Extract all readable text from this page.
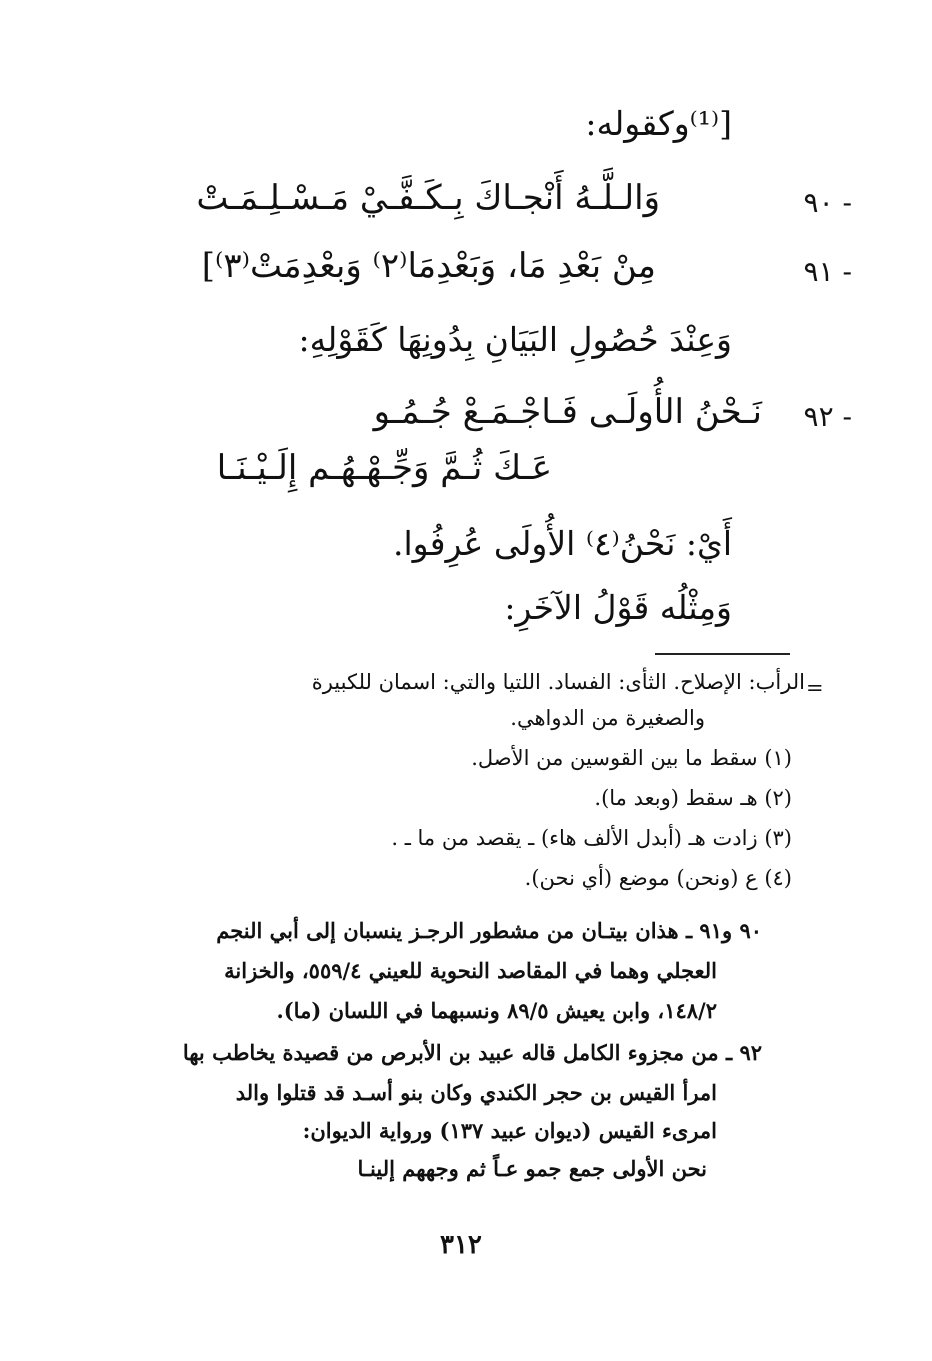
[⁽¹⁾وكقوله:
٩٠ -
وَالـلَّـهُ أَنْجـاكَ بِـكَـفَّـيْ مَـسْـلِـمَـتْ
٩١ -
مِنْ بَعْدِ مَا، وَبَعْدِمَا⁽٢⁾ وَبعْدِمَتْ⁽٣⁾]
وَعِنْدَ حُصُولِ البَيَانِ بِدُونِهَا كَقَوْلِهِ:
٩٢ -
نَـحْنُ الأُولَـى فَـاجْـمَـعْ جُـمُـو
عَـكَ ثُـمَّ وَجِّـهْـهُـم إِلَـيْـنَـا
أَيْ: نَحْنُ⁽٤⁾ الأُولَى عُرِفُوا.
وَمِثْلُه قَوْلُ الآخَرِ:
=
الرأب: الإصلاح. الثأى: الفساد. اللتيا والتي: اسمان للكبيرة
والصغيرة من الدواهي.
(١) سقط ما بين القوسين من الأصل.
(٢) هـ سقط (وبعد ما).
(٣) زادت هـ (أبدل الألف هاء) ـ يقصد من ما ـ .
(٤) ع (ونحن) موضع (أي نحن).
٩٠ و٩١ ـ هذان بيتـان من مشطور الرجـز ينسبان إلى أبي النجم
العجلي وهما في المقاصد النحوية للعيني ٥٥٩/٤، والخزانة
١٤٨/٢، وابن يعيش ٨٩/٥ ونسبهما في اللسان (ما).
٩٢ ـ من مجزوء الكامل قاله عبيد بن الأبرص من قصيدة يخاطب بها
امرأ القيس بن حجر الكندي وكان بنو أسـد قد قتلوا والد
امرىء القيس (ديوان عبيد ١٣٧) ورواية الديوان:
نحن الأولى جمع جمو عـاً ثم وجههم إلينـا
٣١٢
